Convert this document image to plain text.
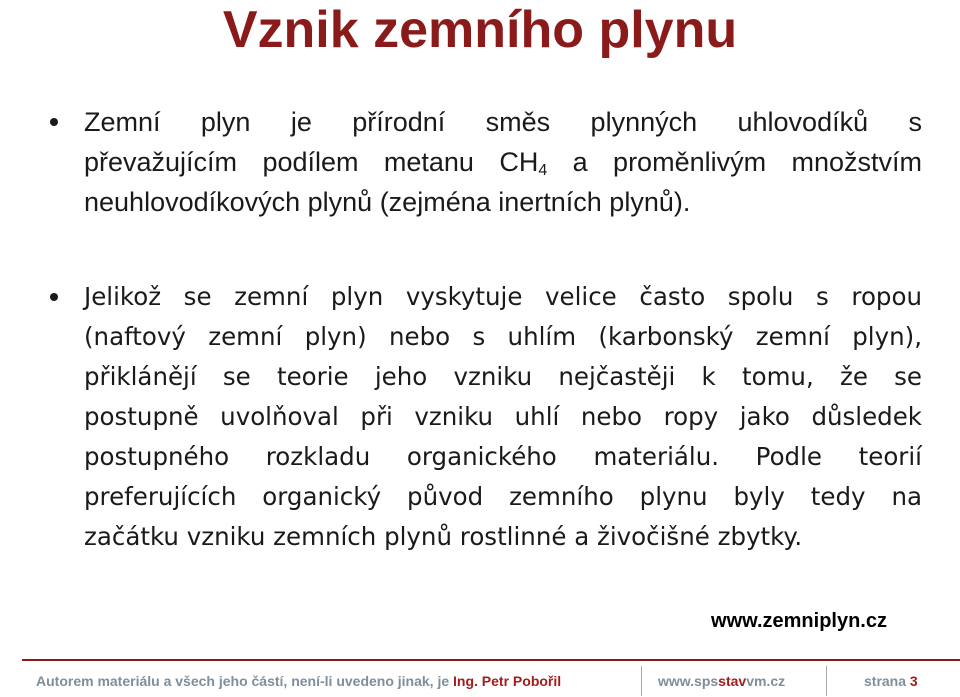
Vznik zemního plynu
Zemní plyn je přírodní směs plynných uhlovodíků s
převažujícím podílem metanu $CH_4$ a proměnlivým množstvím
neuhlovodíkových plynů (zejména inertních plynů).
Jelikož se zemní plyn vyskytuje velice často spolu s ropou
(naftový zemní plyn) nebo s uhlím (karbonský zemní plyn),
přiklánějí se teorie jeho vzniku nejčastěji k tomu, že se
postupně uvolňoval při vzniku uhlí nebo ropy jako důsledek
postupného rozkladu organického materiálu. Podle teorií
preferujících organický původ zemního plynu byly tedy na
začátku vzniku zemních plynů rostlinné a živočišné zbytky.
www.zemniplyn.cz
Autorem materiálu a všech jeho částí, není-li uvedeno jinak, je Ing. Petr Pobořil	www.spsstavvm.cz	strana 3
